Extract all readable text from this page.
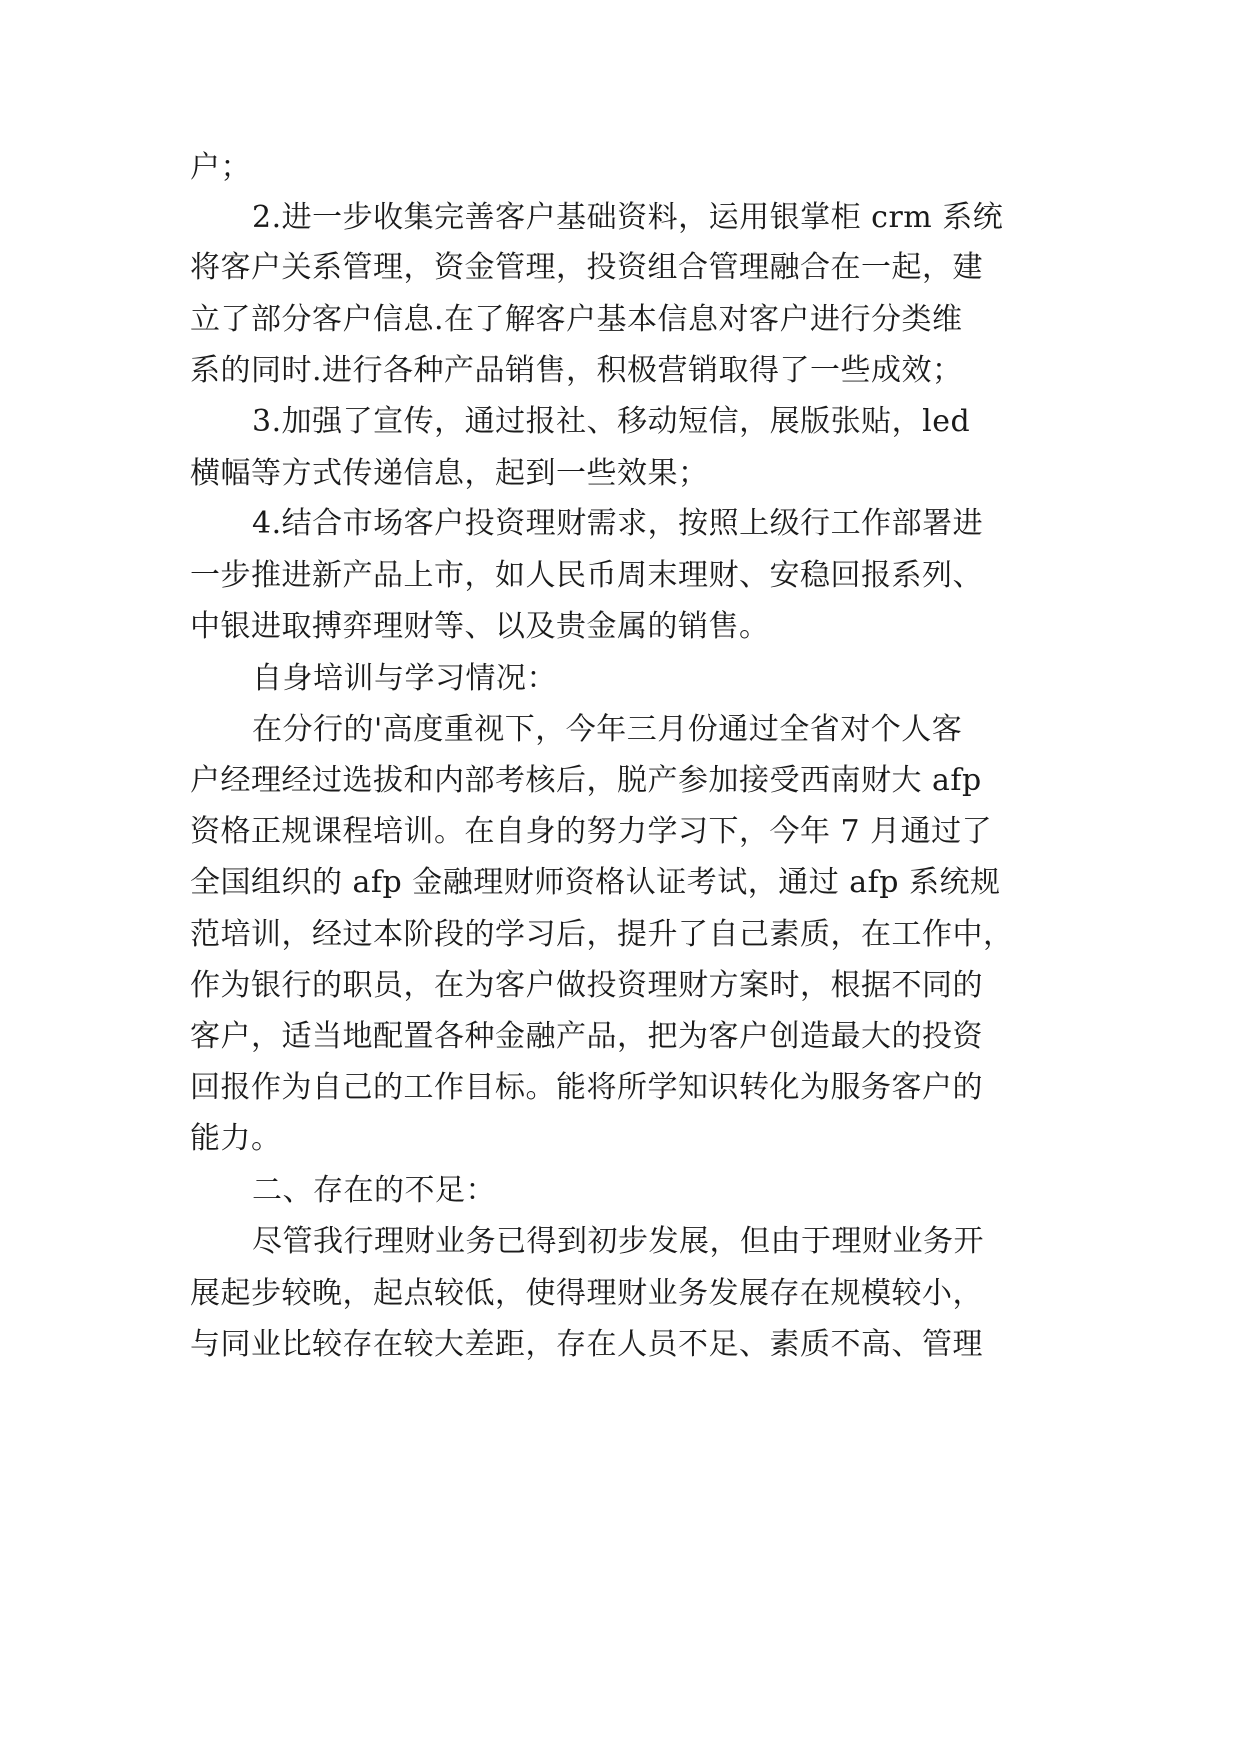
户；
2.进一步收集完善客户基础资料，运用银掌柜 crm 系统
将客户关系管理，资金管理，投资组合管理融合在一起，建
立了部分客户信息.在了解客户基本信息对客户进行分类维
系的同时.进行各种产品销售，积极营销取得了一些成效；
3.加强了宣传，通过报社、移动短信，展版张贴，led
横幅等方式传递信息，起到一些效果；
4.结合市场客户投资理财需求，按照上级行工作部署进
一步推进新产品上市，如人民币周末理财、安稳回报系列、
中银进取搏弈理财等、以及贵金属的销售。
自身培训与学习情况：
在分行的'高度重视下，今年三月份通过全省对个人客
户经理经过选拔和内部考核后，脱产参加接受西南财大 afp
资格正规课程培训。在自身的努力学习下，今年 7 月通过了
全国组织的 afp 金融理财师资格认证考试，通过 afp 系统规
范培训，经过本阶段的学习后，提升了自己素质，在工作中，
作为银行的职员，在为客户做投资理财方案时，根据不同的
客户，适当地配置各种金融产品，把为客户创造最大的投资
回报作为自己的工作目标。能将所学知识转化为服务客户的
能力。
二、存在的不足：
尽管我行理财业务已得到初步发展，但由于理财业务开
展起步较晚，起点较低，使得理财业务发展存在规模较小，
与同业比较存在较大差距，存在人员不足、素质不高、管理
